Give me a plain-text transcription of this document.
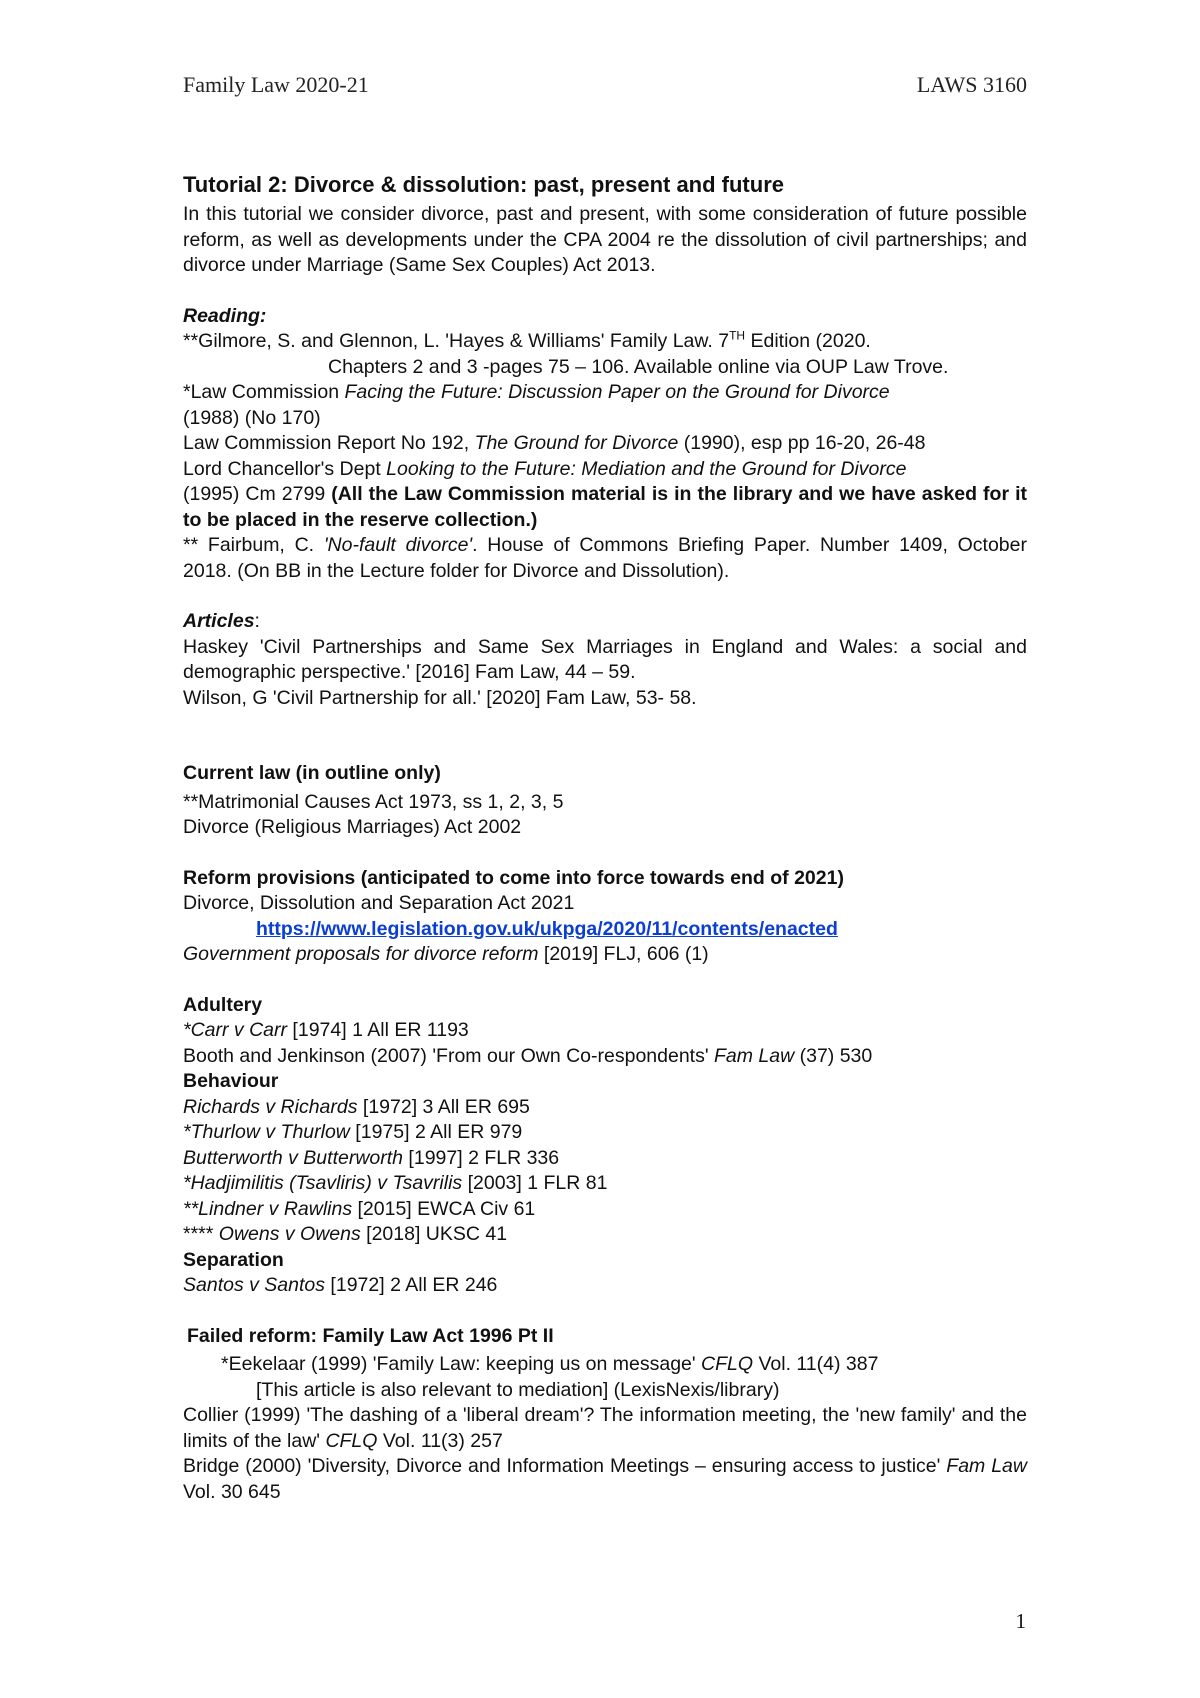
Family Law 2020-21	LAWS 3160

Tutorial 2: Divorce & dissolution: past, present and future

In this tutorial we consider divorce, past and present, with some consideration of future possible reform, as well as developments under the CPA 2004 re the dissolution of civil partnerships; and divorce under Marriage (Same Sex Couples) Act 2013.

Reading:

**Gilmore, S. and Glennon, L. 'Hayes & Williams' Family Law. 7TH Edition (2020.

Chapters 2 and 3 -pages 75 – 106. Available online via OUP Law Trove.

*Law Commission Facing the Future: Discussion Paper on the Ground for Divorce

(1988) (No 170)

Law Commission Report No 192, The Ground for Divorce (1990), esp pp 16-20, 26-48

Lord Chancellor's Dept Looking to the Future: Mediation and the Ground for Divorce

(1995) Cm 2799 (All the Law Commission material is in the library and we have asked for it to be placed in the reserve collection.)

** Fairbum, C. 'No-fault divorce'. House of Commons Briefing Paper. Number 1409, October 2018. (On BB in the Lecture folder for Divorce and Dissolution).

Articles:

Haskey 'Civil Partnerships and Same Sex Marriages in England and Wales: a social and demographic perspective.' [2016] Fam Law, 44 – 59.

Wilson, G 'Civil Partnership for all.' [2020] Fam Law, 53- 58.

Current law (in outline only)

**Matrimonial Causes Act 1973, ss 1, 2, 3, 5

Divorce (Religious Marriages) Act 2002

Reform provisions (anticipated to come into force towards end of 2021)

Divorce, Dissolution and Separation Act 2021

https://www.legislation.gov.uk/ukpga/2020/11/contents/enacted

Government proposals for divorce reform [2019] FLJ, 606 (1)

Adultery

*Carr v Carr [1974] 1 All ER 1193

Booth and Jenkinson (2007) 'From our Own Co-respondents' Fam Law (37) 530

Behaviour

Richards v Richards [1972] 3 All ER 695

*Thurlow v Thurlow [1975] 2 All ER 979

Butterworth v Butterworth [1997] 2 FLR 336

*Hadjimilitis (Tsavliris) v Tsavrilis [2003] 1 FLR 81

**Lindner v Rawlins [2015] EWCA Civ 61

**** Owens v Owens [2018] UKSC 41

Separation

Santos v Santos [1972] 2 All ER 246

Failed reform: Family Law Act 1996 Pt II

*Eekelaar (1999) 'Family Law: keeping us on message' CFLQ Vol. 11(4) 387

[This article is also relevant to mediation] (LexisNexis/library)

Collier (1999) 'The dashing of a 'liberal dream'? The information meeting, the 'new family' and the limits of the law' CFLQ Vol. 11(3) 257

Bridge (2000) 'Diversity, Divorce and Information Meetings – ensuring access to justice' Fam Law Vol. 30 645

1
